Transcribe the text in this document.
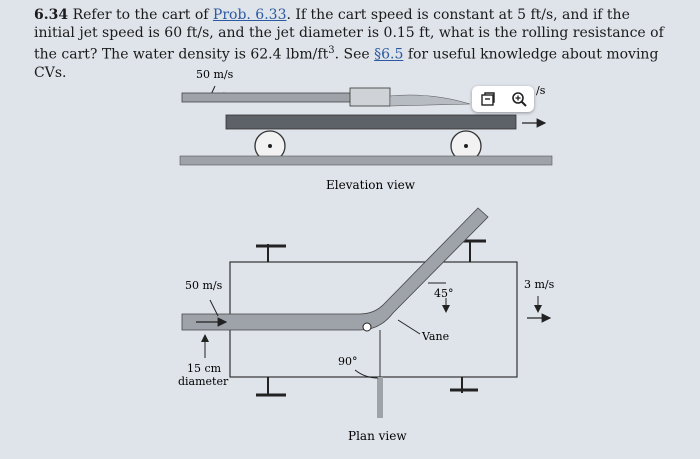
6.34 Refer to the cart of Prob. 6.33. If the cart speed is constant at 5 ft/s, and if the initial jet speed is 60 ft/s, and the jet diameter is 0.15 ft, what is the rolling resistance of the cart? The water density is 62.4 lbm/$ft^3$. See §6.5 for useful knowledge about moving CVs.	50 m/s
/s
Elevation view
50 m/s
15 cm
diameter
90°
45°
Vane
3 m/s
Plan view
